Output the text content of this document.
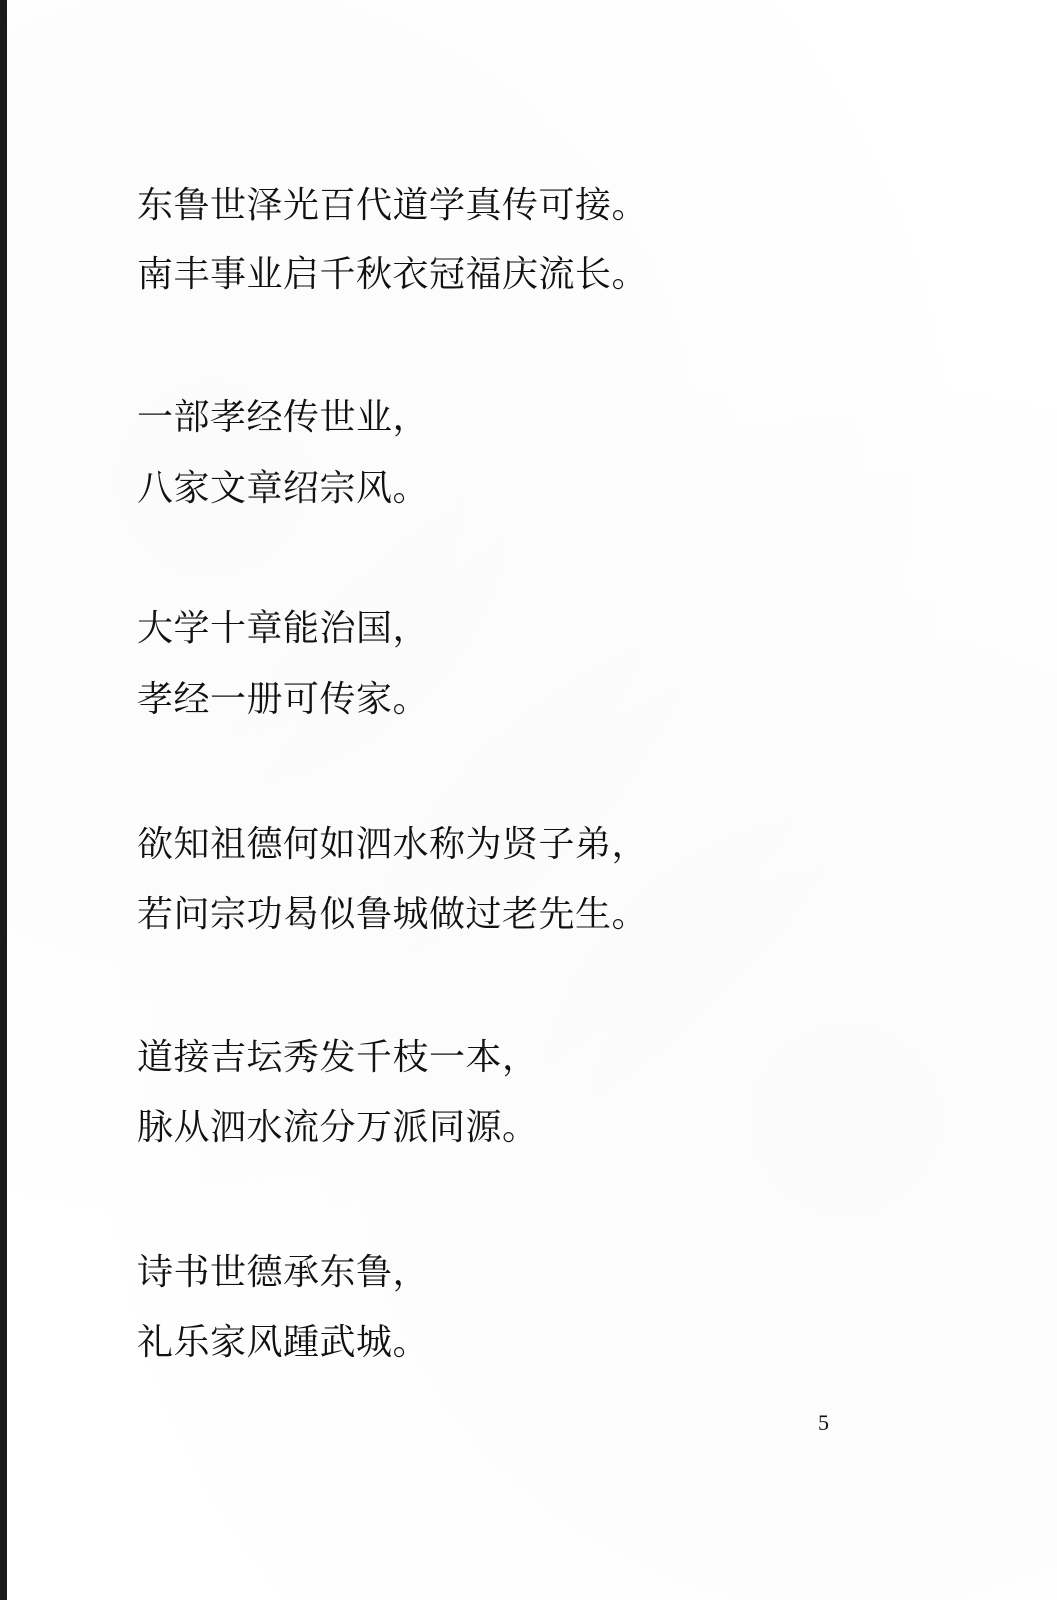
东鲁世泽光百代道学真传可接。
南丰事业启千秋衣冠福庆流长。
一部孝经传世业，
八家文章绍宗风。
大学十章能治国，
孝经一册可传家。
欲知祖德何如泗水称为贤子弟，
若问宗功曷似鲁城做过老先生。
道接吉坛秀发千枝一本，
脉从泗水流分万派同源。
诗书世德承东鲁，
礼乐家风踵武城。
5
